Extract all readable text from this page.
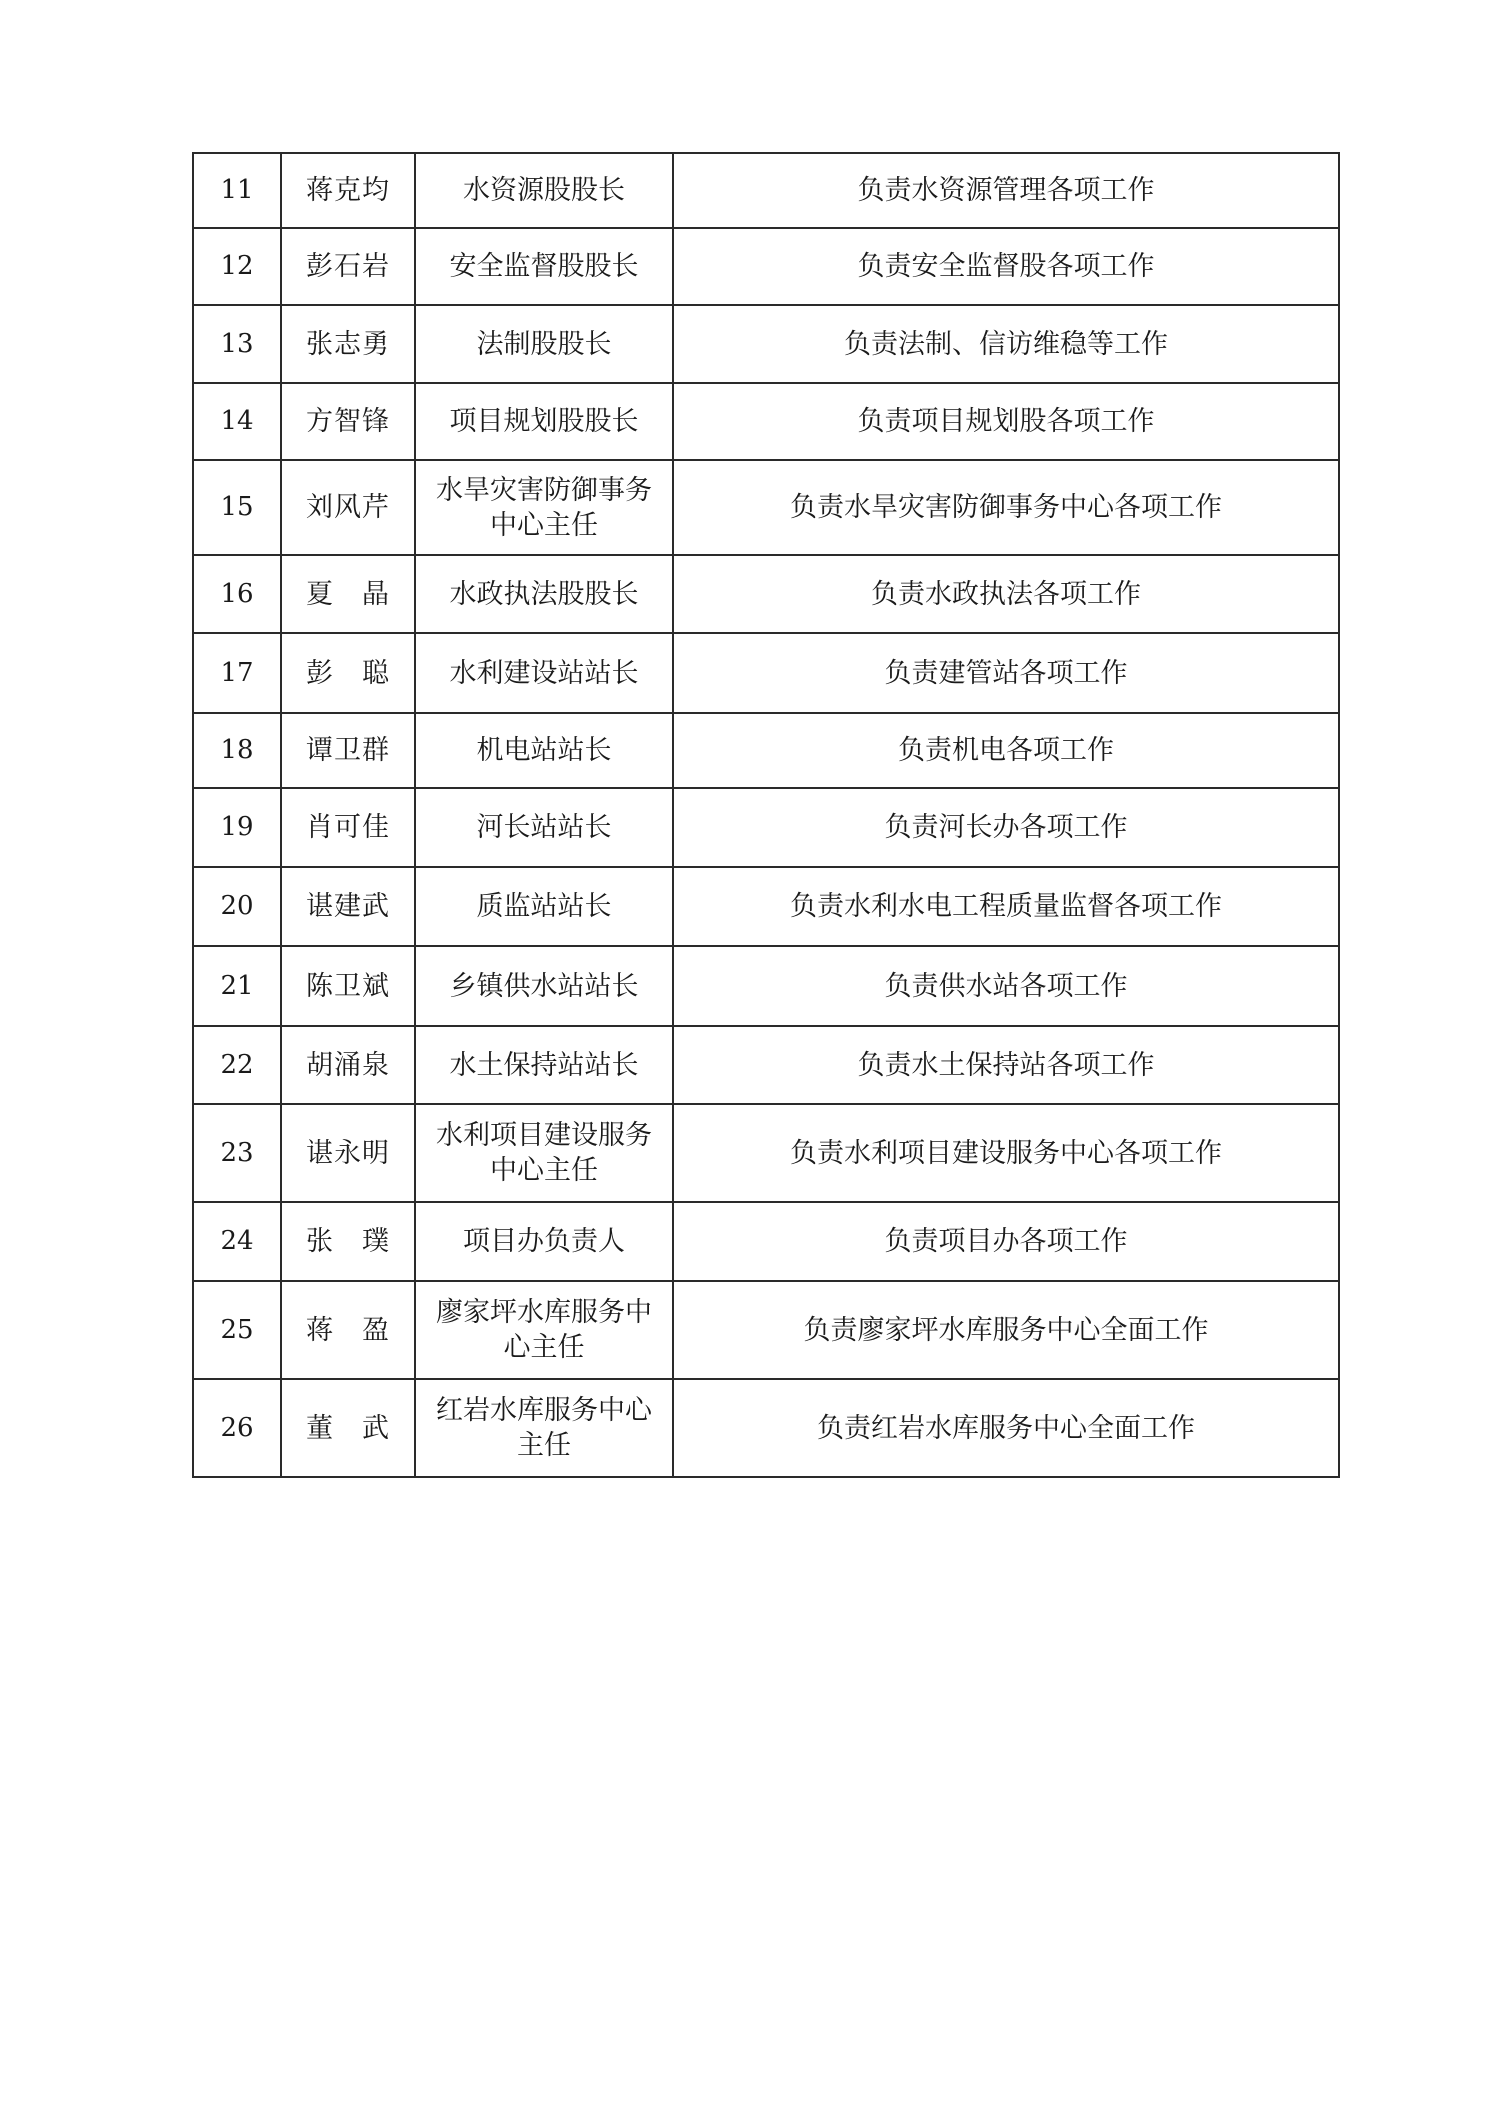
11	蒋克均	水资源股股长	负责水资源管理各项工作
12	彭石岩	安全监督股股长	负责安全监督股各项工作
13	张志勇	法制股股长	负责法制、信访维稳等工作
14	方智锋	项目规划股股长	负责项目规划股各项工作
15	刘风芹	水旱灾害防御事务中心主任	负责水旱灾害防御事务中心各项工作
16	夏　晶	水政执法股股长	负责水政执法各项工作
17	彭　聪	水利建设站站长	负责建管站各项工作
18	谭卫群	机电站站长	负责机电各项工作
19	肖可佳	河长站站长	负责河长办各项工作
20	谌建武	质监站站长	负责水利水电工程质量监督各项工作
21	陈卫斌	乡镇供水站站长	负责供水站各项工作
22	胡涌泉	水土保持站站长	负责水土保持站各项工作
23	谌永明	水利项目建设服务中心主任	负责水利项目建设服务中心各项工作
24	张　璞	项目办负责人	负责项目办各项工作
25	蒋　盈	廖家坪水库服务中心主任	负责廖家坪水库服务中心全面工作
26	董　武	红岩水库服务中心主任	负责红岩水库服务中心全面工作
